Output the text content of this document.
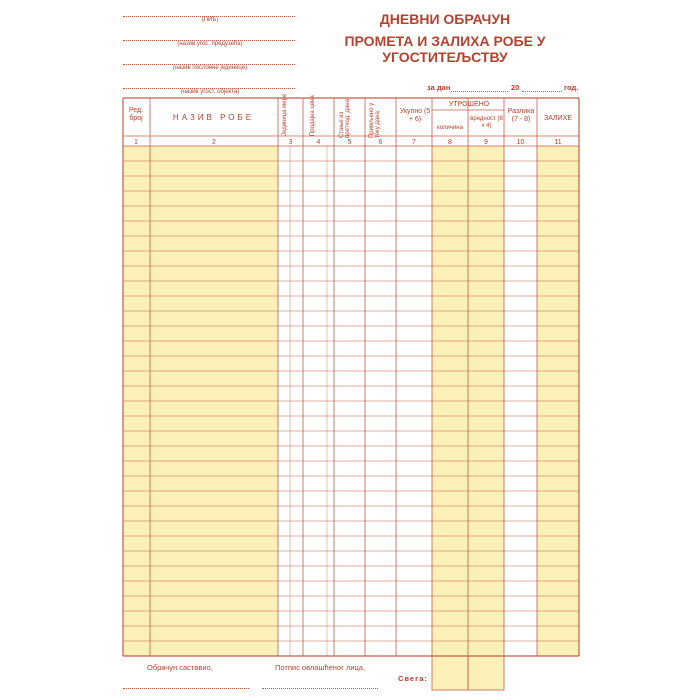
(ПИБ)
(назив угос. предузећа)
(назив пословне јединице)
(назив угост. објекта)
ДНЕВНИ ОБРАЧУН
ПРОМЕТА И ЗАЛИХА РОБЕ У УГОСТИТЕЉСТВУ
за дан	20	год.
Ред. број	НАЗИВ РОБЕ	Јединица мере	Продајна цена	Стање из претход. дана	Примљено у току дана	Укупно (5 + 6)
УТРОШЕНО
количина
вредност (8 x 4)
Разлика (7 - 8)	ЗАЛИХЕ
1	2	3	4	5	6	7	8	9	10	11
Обрачун саставио,	Потпис овлашћеног лица,
Свега:
